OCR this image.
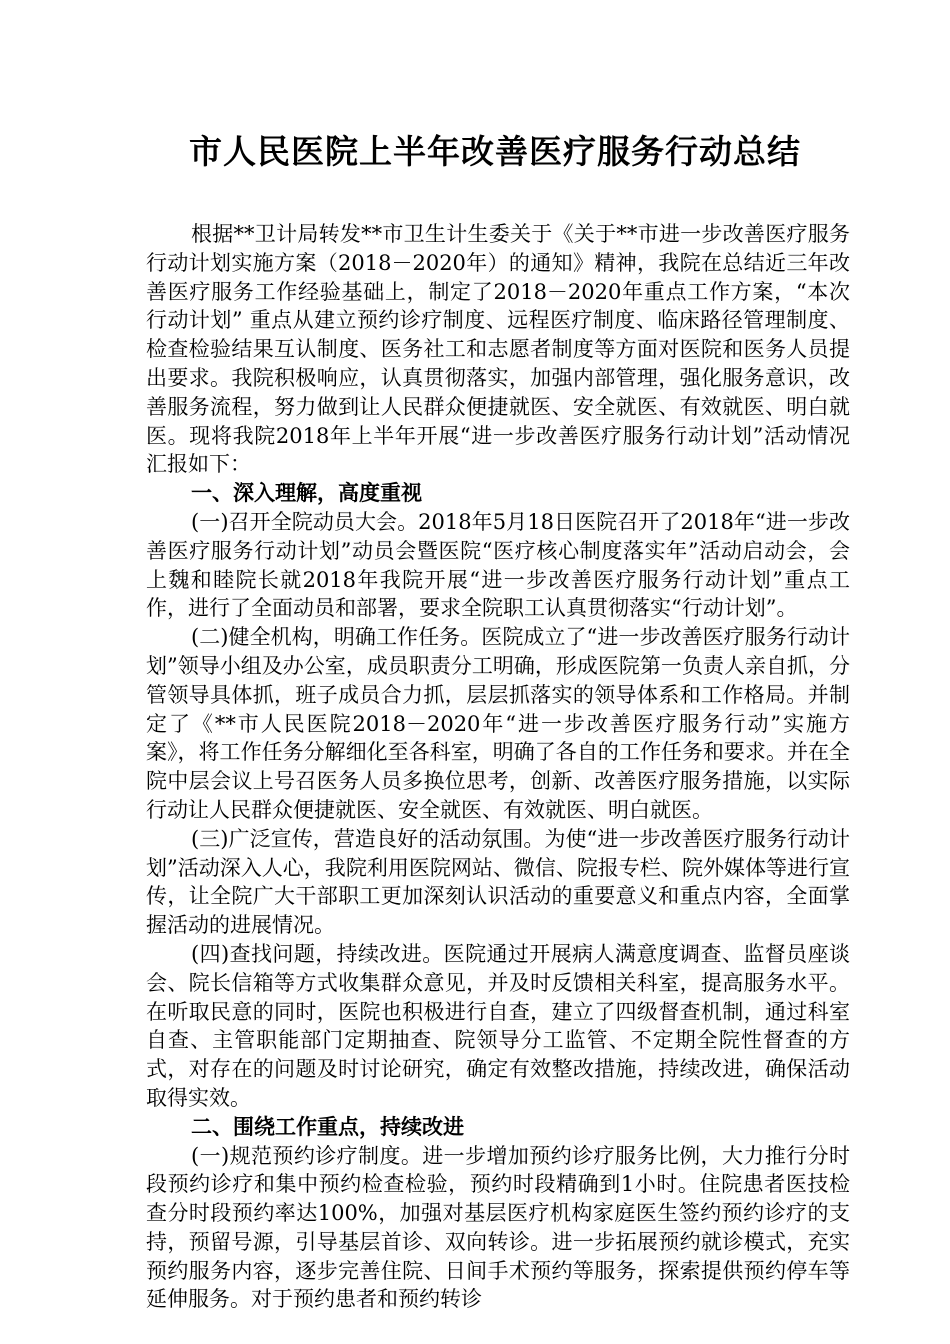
市人民医院上半年改善医疗服务行动总结

根据**卫计局转发**市卫生计生委关于《关于**市进一步改善医疗服务行动计划实施方案（2018－2020年）的通知》精神，我院在总结近三年改善医疗服务工作经验基础上，制定了2018－2020年重点工作方案，“本次行动计划” 重点从建立预约诊疗制度、远程医疗制度、临床路径管理制度、检查检验结果互认制度、医务社工和志愿者制度等方面对医院和医务人员提出要求。我院积极响应，认真贯彻落实，加强内部管理，强化服务意识，改善服务流程，努力做到让人民群众便捷就医、安全就医、有效就医、明白就医。现将我院2018年上半年开展“进一步改善医疗服务行动计划”活动情况汇报如下：

一、深入理解，高度重视

(一)召开全院动员大会。2018年5月18日医院召开了2018年“进一步改善医疗服务行动计划”动员会暨医院“医疗核心制度落实年”活动启动会，会上魏和睦院长就2018年我院开展“进一步改善医疗服务行动计划”重点工作，进行了全面动员和部署，要求全院职工认真贯彻落实“行动计划”。

(二)健全机构，明确工作任务。医院成立了“进一步改善医疗服务行动计划”领导小组及办公室，成员职责分工明确，形成医院第一负责人亲自抓，分管领导具体抓，班子成员合力抓，层层抓落实的领导体系和工作格局。并制定了《**市人民医院2018－2020年“进一步改善医疗服务行动”实施方案》，将工作任务分解细化至各科室，明确了各自的工作任务和要求。并在全院中层会议上号召医务人员多换位思考，创新、改善医疗服务措施，以实际行动让人民群众便捷就医、安全就医、有效就医、明白就医。

(三)广泛宣传，营造良好的活动氛围。为使“进一步改善医疗服务行动计划”活动深入人心，我院利用医院网站、微信、院报专栏、院外媒体等进行宣传，让全院广大干部职工更加深刻认识活动的重要意义和重点内容，全面掌握活动的进展情况。

(四)查找问题，持续改进。医院通过开展病人满意度调查、监督员座谈会、院长信箱等方式收集群众意见，并及时反馈相关科室，提高服务水平。在听取民意的同时，医院也积极进行自查，建立了四级督查机制，通过科室自查、主管职能部门定期抽查、院领导分工监管、不定期全院性督查的方式，对存在的问题及时讨论研究，确定有效整改措施，持续改进，确保活动取得实效。

二、围绕工作重点，持续改进

(一)规范预约诊疗制度。进一步增加预约诊疗服务比例，大力推行分时段预约诊疗和集中预约检查检验，预约时段精确到1小时。住院患者医技检查分时段预约率达100%，加强对基层医疗机构家庭医生签约预约诊疗的支持，预留号源，引导基层首诊、双向转诊。进一步拓展预约就诊模式，充实预约服务内容，逐步完善住院、日间手术预约等服务，探索提供预约停车等延伸服务。对于预约患者和预约转诊
